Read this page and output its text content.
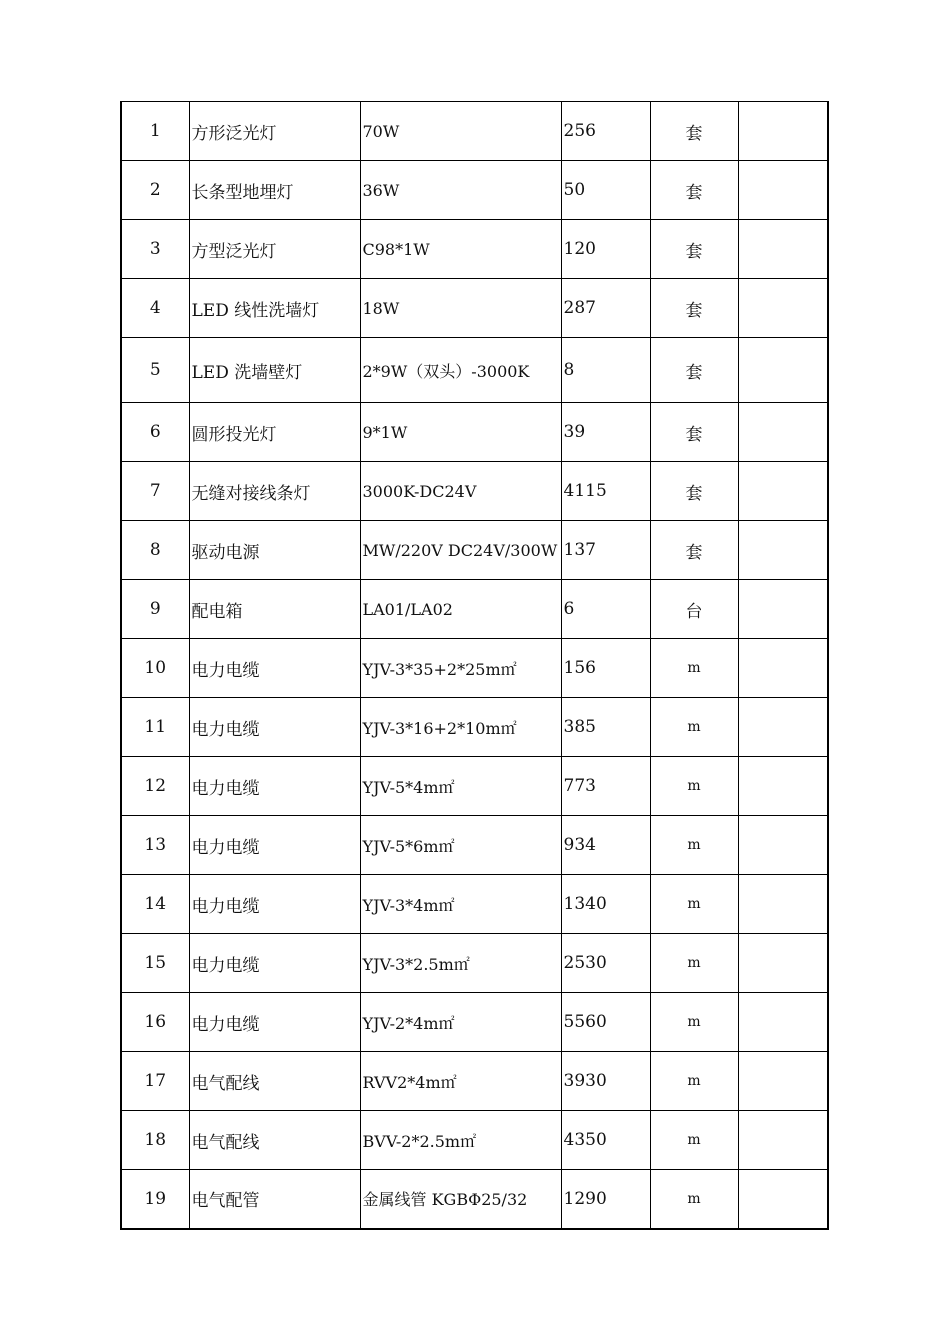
1	方形泛光灯	70W	256	套	
2	长条型地埋灯	36W	50	套	
3	方型泛光灯	C98*1W	120	套	
4	LED 线性洗墙灯	18W	287	套	
5	LED 洗墙壁灯	2*9W（双头）-3000K	8	套	
6	圆形投光灯	9*1W	39	套	
7	无缝对接线条灯	3000K-DC24V	4115	套	
8	驱动电源	MW/220V DC24V/300W	137	套	
9	配电箱	LA01/LA02	6	台	
10	电力电缆	YJV-3*35+2*25m㎡	156	m	
11	电力电缆	YJV-3*16+2*10m㎡	385	m	
12	电力电缆	YJV-5*4m㎡	773	m	
13	电力电缆	YJV-5*6m㎡	934	m	
14	电力电缆	YJV-3*4m㎡	1340	m	
15	电力电缆	YJV-3*2.5m㎡	2530	m	
16	电力电缆	YJV-2*4m㎡	5560	m	
17	电气配线	RVV2*4m㎡	3930	m	
18	电气配线	BVV-2*2.5m㎡	4350	m	
19	电气配管	金属线管 KGBΦ25/32	1290	m	
